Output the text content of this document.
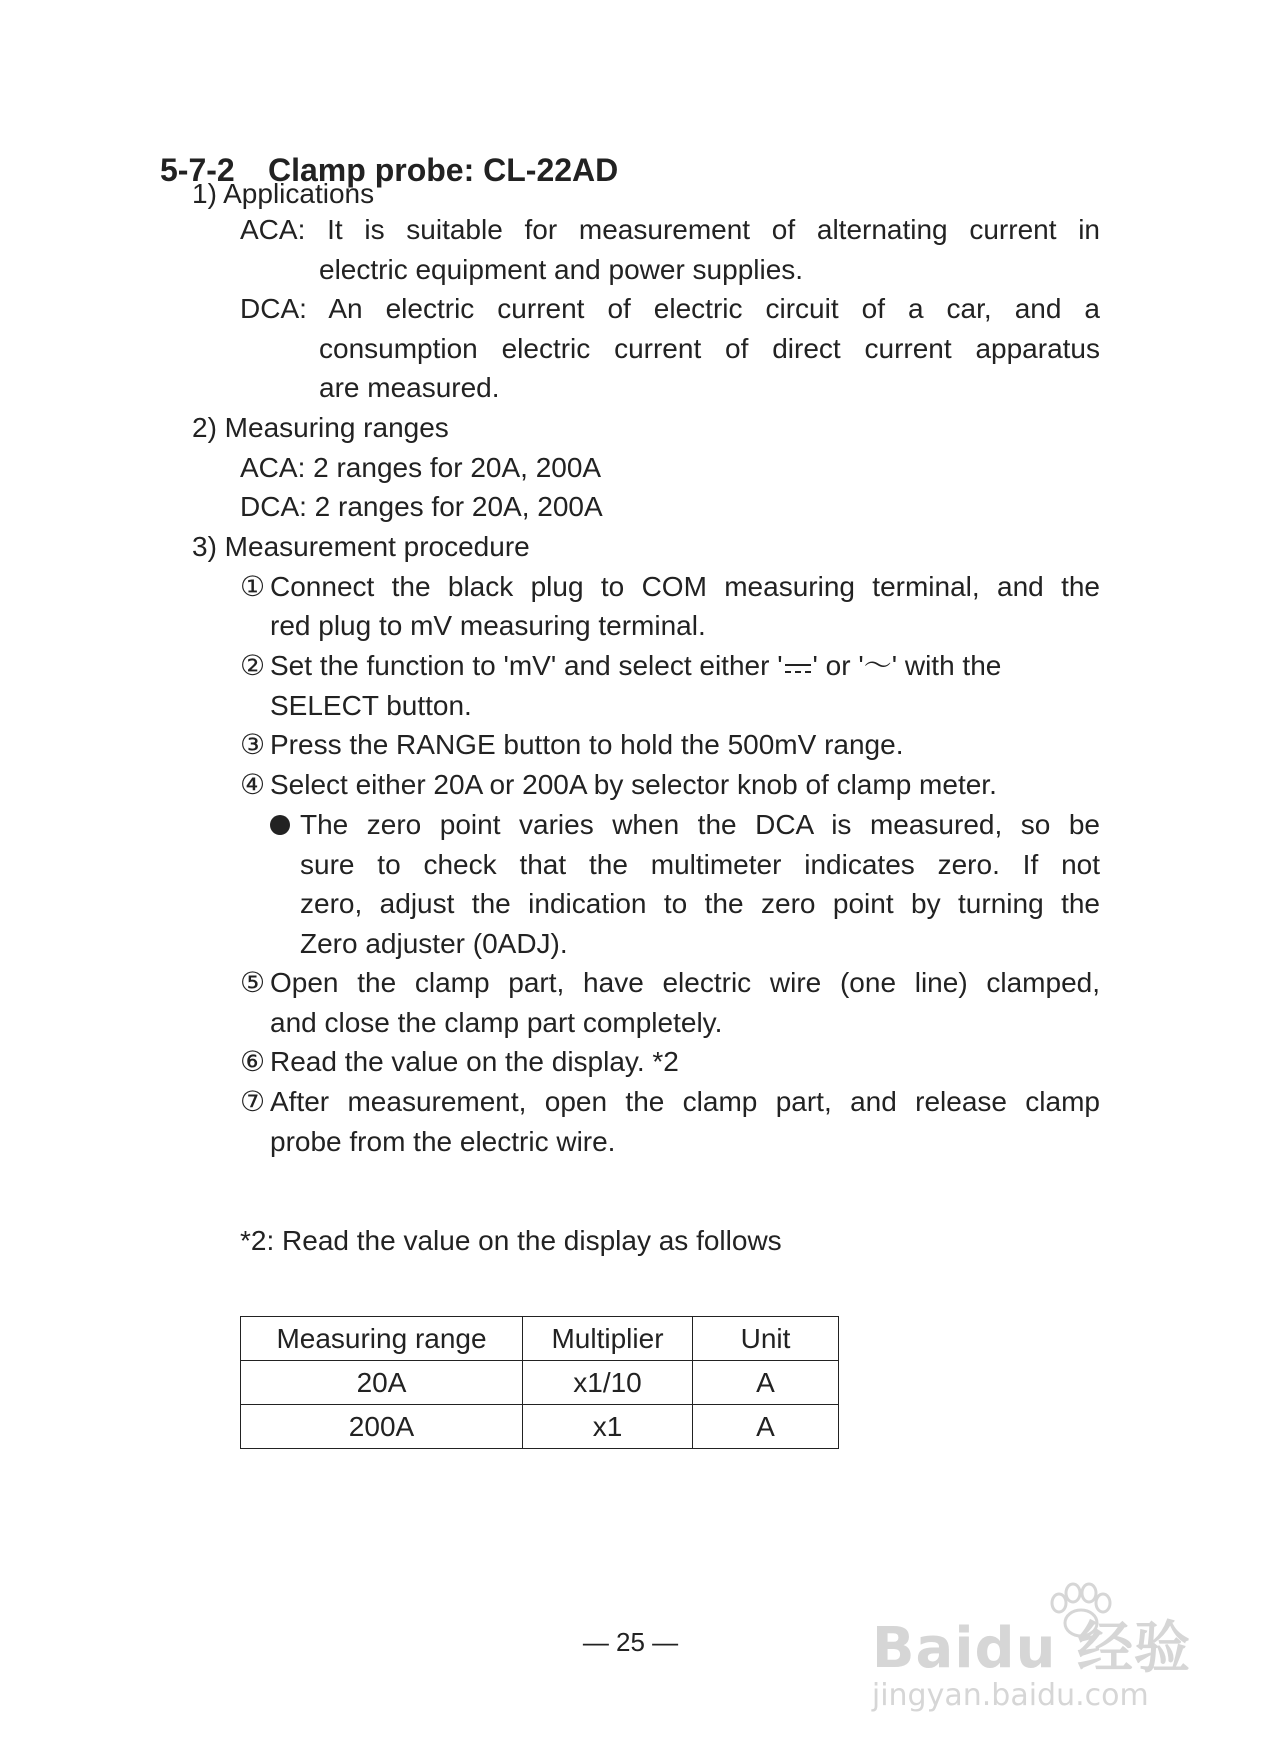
5-7-2 Clamp probe: CL-22AD
1) Applications
ACA: It is suitable for measurement of alternating current in
electric equipment and power supplies.
DCA: An electric current of electric circuit of a car, and a
consumption electric current of direct current apparatus
are measured.
2) Measuring ranges
ACA: 2 ranges for 20A, 200A
DCA: 2 ranges for 20A, 200A
3) Measurement procedure
① Connect the black plug to COM measuring terminal, and the
red plug to mV measuring terminal.
② Set the function to 'mV' and select either ' ' or '～' with the
SELECT button.
③ Press the RANGE button to hold the 500mV range.
④ Select either 20A or 200A by selector knob of clamp meter.
The zero point varies when the DCA is measured, so be
sure to check that the multimeter indicates zero. If not
zero, adjust the indication to the zero point by turning the
Zero adjuster (0ADJ).
⑤ Open the clamp part, have electric wire (one line) clamped,
and close the clamp part completely.
⑥ Read the value on the display. *2
⑦ After measurement, open the clamp part, and release clamp
probe from the electric wire.
*2: Read the value on the display as follows
Measuring range	Multiplier	Unit
20A	x1/10	A
200A	x1	A
— 25 —	Baidu 经验
jingyan.baidu.com
